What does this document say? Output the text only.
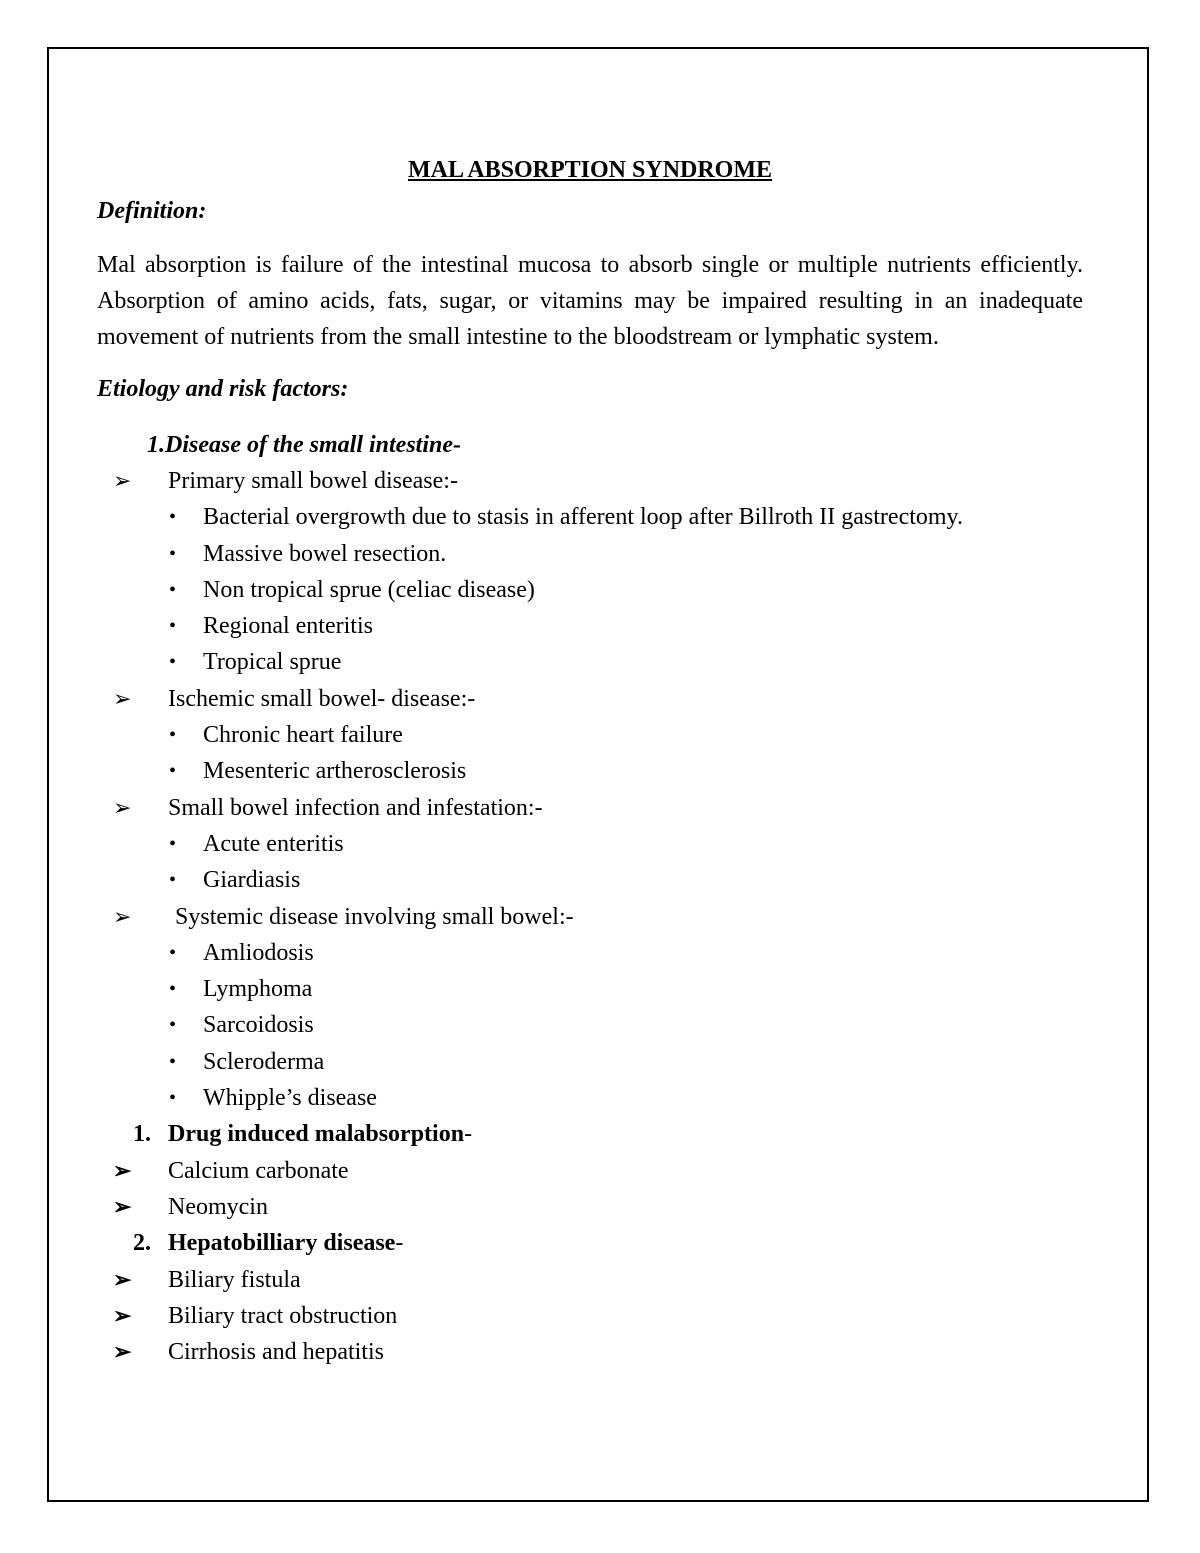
MAL ABSORPTION SYNDROME
Definition:
Mal absorption is failure of the intestinal mucosa to absorb single or multiple nutrients efficiently. Absorption of amino acids, fats, sugar, or vitamins may be impaired resulting in an inadequate movement of nutrients from the small intestine to the bloodstream or lymphatic system.
Etiology and risk factors:
1.Disease of the small intestine-
➢ Primary small bowel disease:-
• Bacterial overgrowth due to stasis in afferent loop after Billroth II gastrectomy.
• Massive bowel resection.
• Non tropical sprue (celiac disease)
• Regional enteritis
• Tropical sprue
➢ Ischemic small bowel- disease:-
• Chronic heart failure
• Mesenteric artherosclerosis
➢ Small bowel infection and infestation:-
• Acute enteritis
• Giardiasis
➢ Systemic disease involving small bowel:-
• Amliodosis
• Lymphoma
• Sarcoidosis
• Scleroderma
• Whipple’s disease
1. Drug induced malabsorption-
➢ Calcium carbonate
➢ Neomycin
2. Hepatobilliary disease-
➢ Biliary fistula
➢ Biliary tract obstruction
➢ Cirrhosis and hepatitis
